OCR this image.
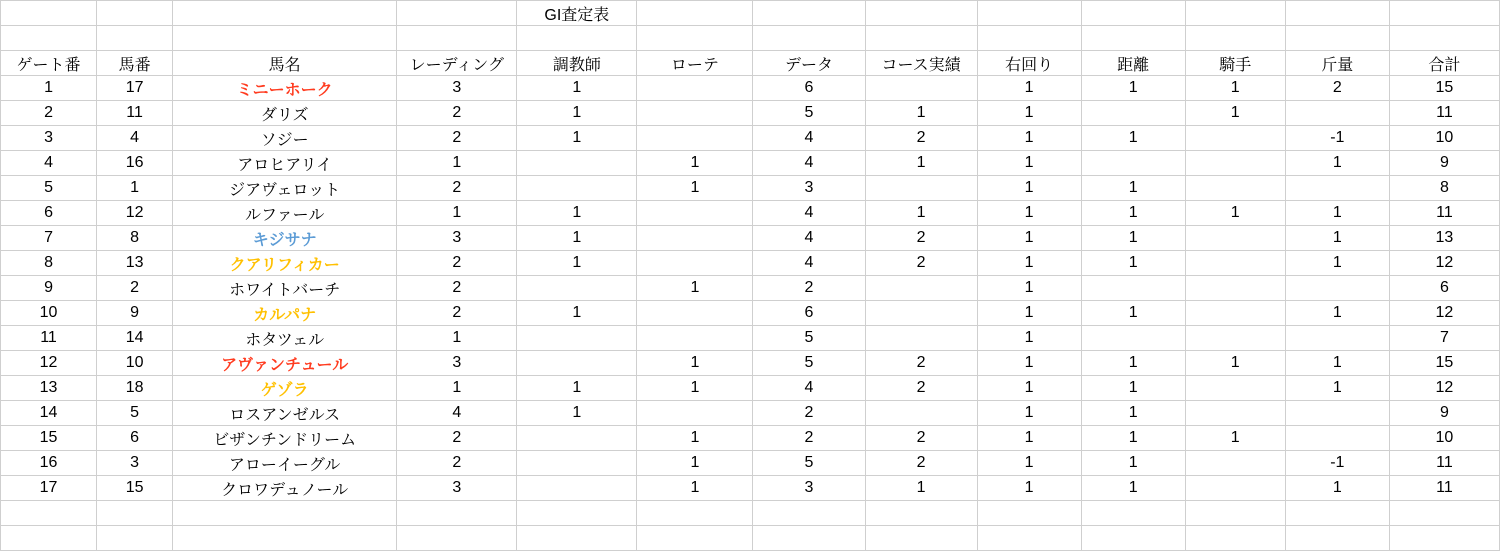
				GI査定表								

ゲート番	馬番	馬名	レーディング	調教師	ローテ	データ	コース実績	右回り	距離	騎手	斤量	合計
1	17	ミニーホーク	3	1		6		1	1	1	2	15
2	11	ダリズ	2	1		5	1	1		1		11
3	4	ソジー	2	1		4	2	1	1		-1	10
4	16	アロヒアリイ	1		1	4	1	1			1	9
5	1	ジアヴェロット	2		1	3		1	1			8
6	12	ルファール	1	1		4	1	1	1	1	1	11
7	8	キジサナ	3	1		4	2	1	1		1	13
8	13	クアリフィカー	2	1		4	2	1	1		1	12
9	2	ホワイトバーチ	2		1	2		1				6
10	9	カルパナ	2	1		6		1	1		1	12
11	14	ホタツェル	1			5		1				7
12	10	アヴァンチュール	3		1	5	2	1	1	1	1	15
13	18	ゲゾラ	1	1	1	4	2	1	1		1	12
14	5	ロスアンゼルス	4	1		2		1	1			9
15	6	ビザンチンドリーム	2		1	2	2	1	1	1		10
16	3	アローイーグル	2		1	5	2	1	1		-1	11
17	15	クロワデュノール	3		1	3	1	1	1		1	11
